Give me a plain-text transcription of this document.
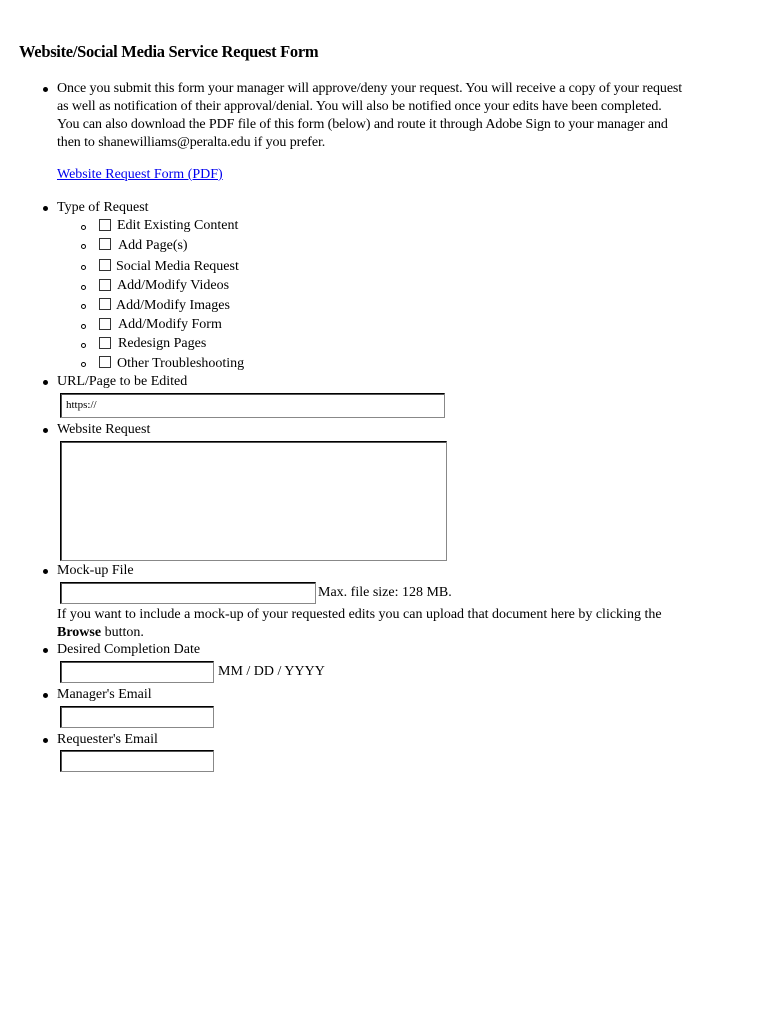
Website/Social Media Service Request Form
Once you submit this form your manager will approve/deny your request. You will receive a copy of your request
as well as notification of their approval/denial. You will also be notified once your edits have been completed.
You can also download the PDF file of this form (below) and route it through Adobe Sign to your manager and
then to shanewilliams@peralta.edu if you prefer.
Website Request Form (PDF)
Type of Request
Edit Existing Content
Add Page(s)
Social Media Request
Add/Modify Videos
Add/Modify Images
Add/Modify Form
Redesign Pages
Other Troubleshooting
URL/Page to be Edited
https://
Website Request
Mock-up File
Max. file size: 128 MB.
If you want to include a mock-up of your requested edits you can upload that document here by clicking the
Browse button.
Desired Completion Date
MM / DD / YYYY
Manager's Email
Requester's Email
